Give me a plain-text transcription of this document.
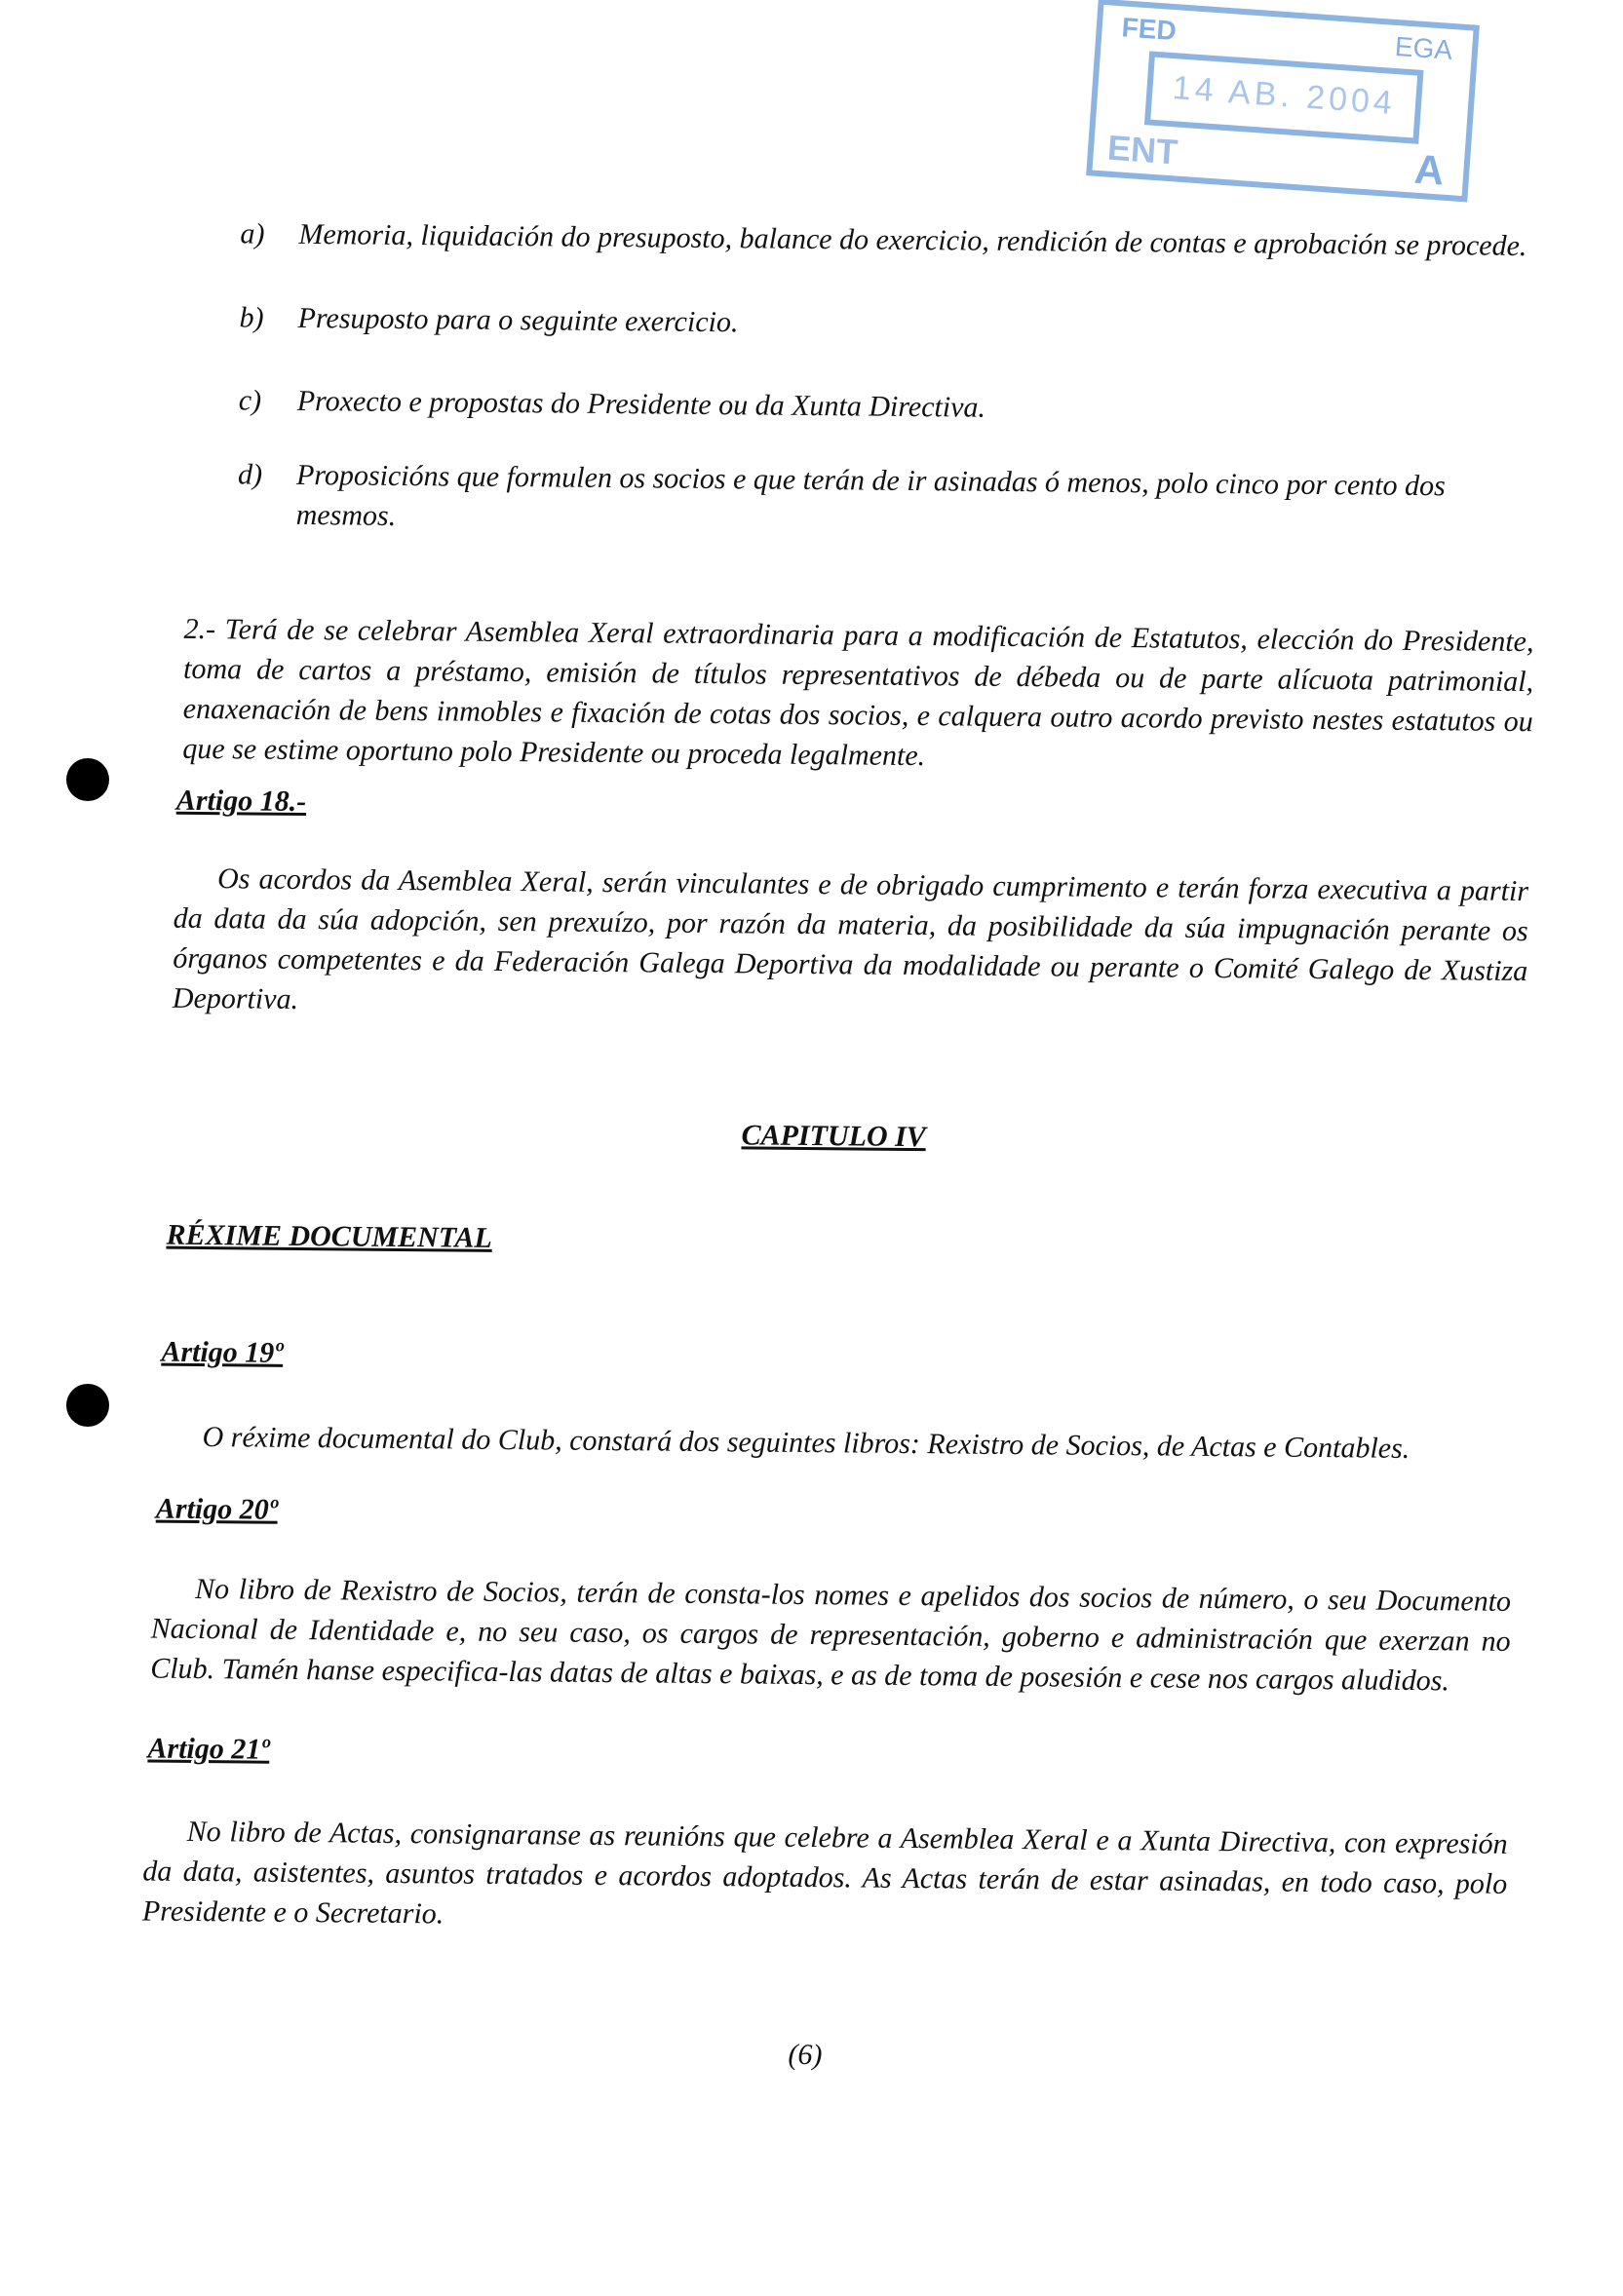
FED
EGA
14 AB. 2004
ENT	A
a)	Memoria, liquidación do presuposto, balance do exercicio, rendición de contas e aprobación se procede.
b)	Presuposto para o seguinte exercicio.
c)	Proxecto e propostas do Presidente ou da Xunta Directiva.
d)	Proposicións que formulen os socios e que terán de ir asinadas ó menos, polo cinco por cento dos mesmos.
2.- Terá de se celebrar Asemblea Xeral extraordinaria para a modificación de Estatutos, elección do Presidente, toma de cartos a préstamo, emisión de títulos representativos de débeda ou de parte alícuota patrimonial, enaxenación de bens inmobles e fixación de cotas dos socios, e calquera outro acordo previsto nestes estatutos ou que se estime oportuno polo Presidente ou proceda legalmente.
Artigo 18.-
Os acordos da Asemblea Xeral, serán vinculantes e de obrigado cumprimento e terán forza executiva a partir da data da súa adopción, sen prexuízo, por razón da materia, da posibilidade da súa impugnación perante os órganos competentes e da Federación Galega Deportiva da modalidade ou perante o Comité Galego de Xustiza Deportiva.
CAPITULO IV
RÉXIME DOCUMENTAL
Artigo 19º
O réxime documental do Club, constará dos seguintes libros: Rexistro de Socios, de Actas e Contables.
Artigo 20º
No libro de Rexistro de Socios, terán de consta-los nomes e apelidos dos socios de número, o seu Documento Nacional de Identidade e, no seu caso, os cargos de representación, goberno e administración que exerzan no Club. Tamén hanse especifica-las datas de altas e baixas, e as de toma de posesión e cese nos cargos aludidos.
Artigo 21º
No libro de Actas, consignaranse as reunións que celebre a Asemblea Xeral e a Xunta Directiva, con expresión da data, asistentes, asuntos tratados e acordos adoptados. As Actas terán de estar asinadas, en todo caso, polo Presidente e o Secretario.
(6)
